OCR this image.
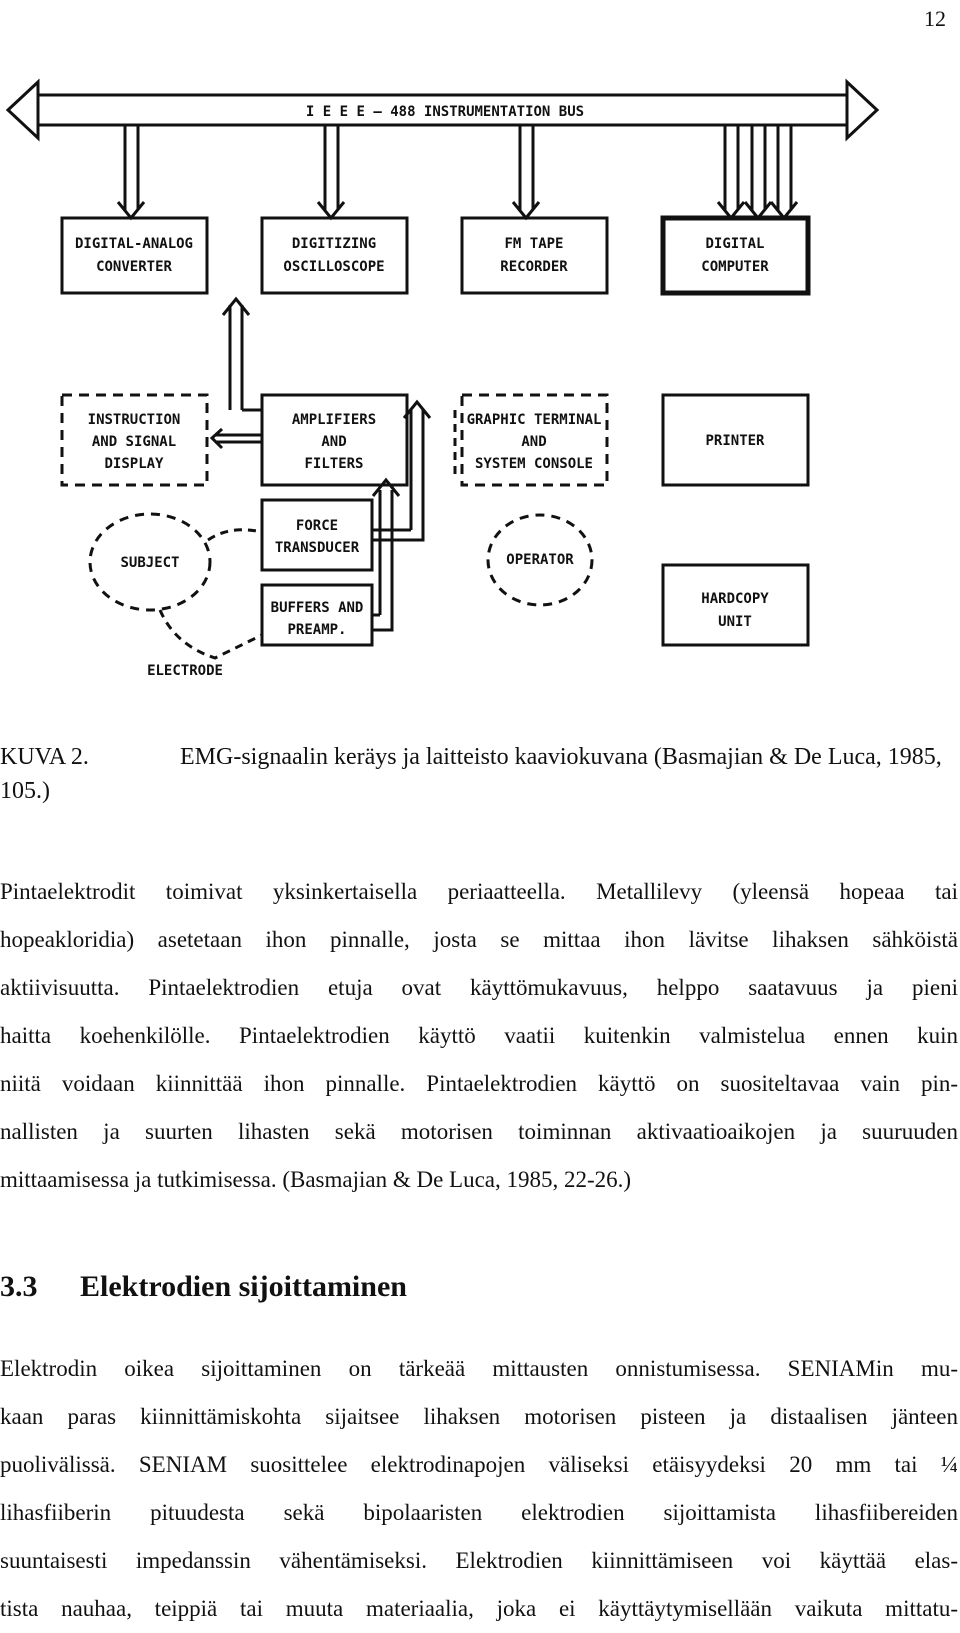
12
I E E E – 488 INSTRUMENTATION BUS
DIGITAL-ANALOG
CONVERTER
DIGITIZING
OSCILLOSCOPE
FM TAPE
RECORDER
DIGITAL
COMPUTER
INSTRUCTION
AND SIGNAL
DISPLAY
AMPLIFIERS
AND
FILTERS
GRAPHIC TERMINAL
AND
SYSTEM CONSOLE
PRINTER
FORCE
TRANSDUCER
BUFFERS AND
PREAMP.
HARDCOPY
UNIT
SUBJECT	OPERATOR
ELECTRODE
KUVA 2.	EMG-signaalin keräys ja laitteisto kaaviokuvana (Basmajian & De Luca, 1985,
105.)
Pintaelektrodit toimivat yksinkertaisella periaatteella. Metallilevy (yleensä hopeaa tai
hopeakloridia) asetetaan ihon pinnalle, josta se mittaa ihon lävitse lihaksen sähköistä
aktiivisuutta. Pintaelektrodien etuja ovat käyttömukavuus, helppo saatavuus ja pieni
haitta koehenkilölle. Pintaelektrodien käyttö vaatii kuitenkin valmistelua ennen kuin
niitä voidaan kiinnittää ihon pinnalle. Pintaelektrodien käyttö on suositeltavaa vain pin-
nallisten ja suurten lihasten sekä motorisen toiminnan aktivaatioaikojen ja suuruuden
mittaamisessa ja tutkimisessa. (Basmajian & De Luca, 1985, 22-26.)
3.3 Elektrodien sijoittaminen
Elektrodin oikea sijoittaminen on tärkeää mittausten onnistumisessa. SENIAMin mu-
kaan paras kiinnittämiskohta sijaitsee lihaksen motorisen pisteen ja distaalisen jänteen
puolivälissä. SENIAM suosittelee elektrodinapojen väliseksi etäisyydeksi 20 mm tai ¼
lihasfiiberin pituudesta sekä bipolaaristen elektrodien sijoittamista lihasfiibereiden
suuntaisesti impedanssin vähentämiseksi. Elektrodien kiinnittämiseen voi käyttää elas-
tista nauhaa, teippiä tai muuta materiaalia, joka ei käyttäytymisellään vaikuta mittatu-
